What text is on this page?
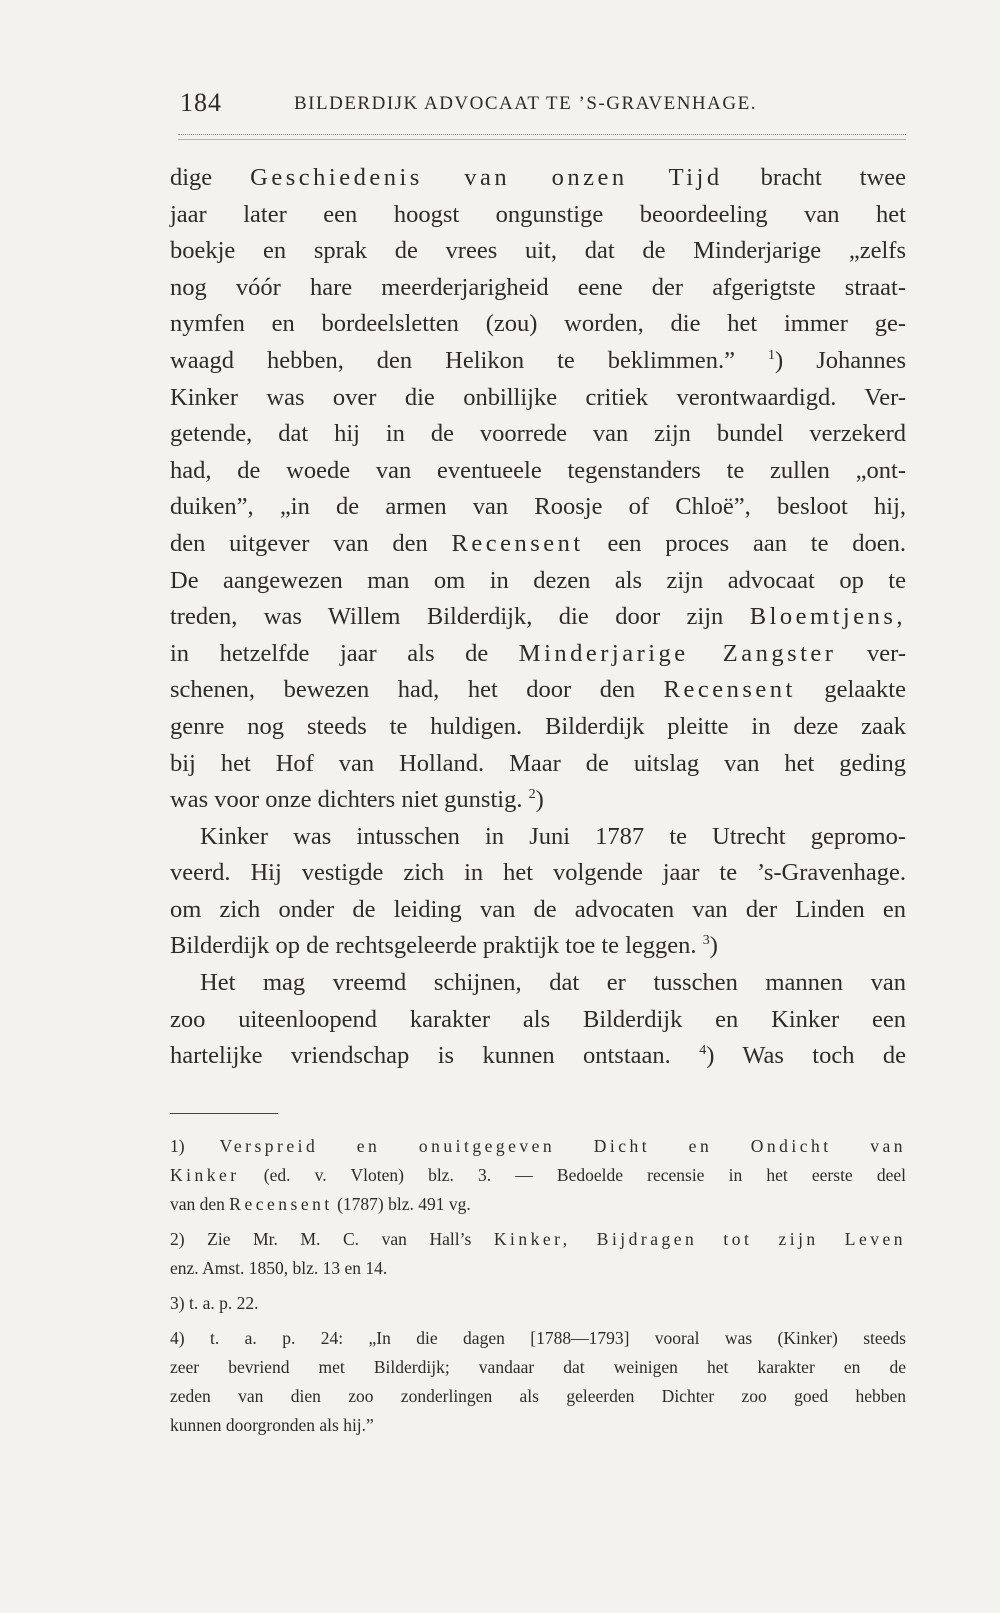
184	BILDERDIJK ADVOCAAT TE ’S-GRAVENHAGE.
dige Geschiedenis van onzen Tijd bracht twee
jaar later een hoogst ongunstige beoordeeling van het
boekje en sprak de vrees uit, dat de Minderjarige „zelfs
nog vóór hare meerderjarigheid eene der afgerigtste straat-
nymfen en bordeelsletten (zou) worden, die het immer ge-
waagd hebben, den Helikon te beklimmen.” $^1$) Johannes
Kinker was over die onbillijke critiek verontwaardigd. Ver-
getende, dat hij in de voorrede van zijn bundel verzekerd
had, de woede van eventueele tegenstanders te zullen „ont-
duiken”, „in de armen van Roosje of Chloë”, besloot hij,
den uitgever van den Recensent een proces aan te doen.
De aangewezen man om in dezen als zijn advocaat op te
treden, was Willem Bilderdijk, die door zijn Bloemtjens,
in hetzelfde jaar als de Minderjarige Zangster ver-
schenen, bewezen had, het door den Recensent gelaakte
genre nog steeds te huldigen. Bilderdijk pleitte in deze zaak
bij het Hof van Holland. Maar de uitslag van het geding
was voor onze dichters niet gunstig. $^2$)
Kinker was intusschen in Juni 1787 te Utrecht gepromo-
veerd. Hij vestigde zich in het volgende jaar te ’s-Gravenhage.
om zich onder de leiding van de advocaten van der Linden en
Bilderdijk op de rechtsgeleerde praktijk toe te leggen. $^3$)
Het mag vreemd schijnen, dat er tusschen mannen van
zoo uiteenloopend karakter als Bilderdijk en Kinker een
hartelijke vriendschap is kunnen ontstaan. $^4$) Was toch de
1) Verspreid en onuitgegeven Dicht en Ondicht van
Kinker (ed. v. Vloten) blz. 3. — Bedoelde recensie in het eerste deel
van den Recensent (1787) blz. 491 vg.
2) Zie Mr. M. C. van Hall’s Kinker, Bijdragen tot zijn Leven
enz. Amst. 1850, blz. 13 en 14.
3) t. a. p. 22.
4) t. a. p. 24: „In die dagen [1788—1793] vooral was (Kinker) steeds
zeer bevriend met Bilderdijk; vandaar dat weinigen het karakter en de
zeden van dien zoo zonderlingen als geleerden Dichter zoo goed hebben
kunnen doorgronden als hij.”
